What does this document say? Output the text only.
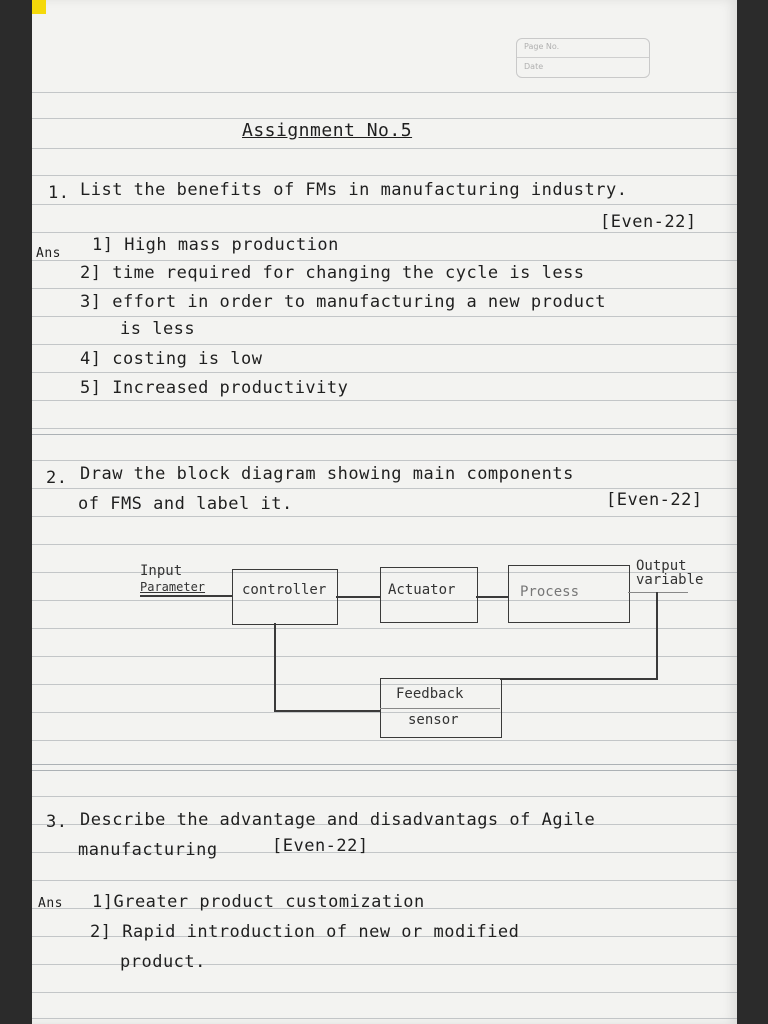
Page No.
Date
Assignment No.5
1. List the benefits of FMs in manufacturing industry.
[Even-22]
Ans 1] High mass production
2] time required for changing the cycle is less
3] effort in order to manufacturing a new product
is less
4] costing is low
5] Increased productivity
2. Draw the block diagram showing main components
of FMS and label it.	[Even-22]
Input
Parameter	controller	Actuator	Process
Output
variable
Feedback
sensor
3. Describe the advantage and disadvantags of Agile
manufacturing	[Even-22]
Ans 1]Greater product customization
2] Rapid introduction of new or modified
product.
